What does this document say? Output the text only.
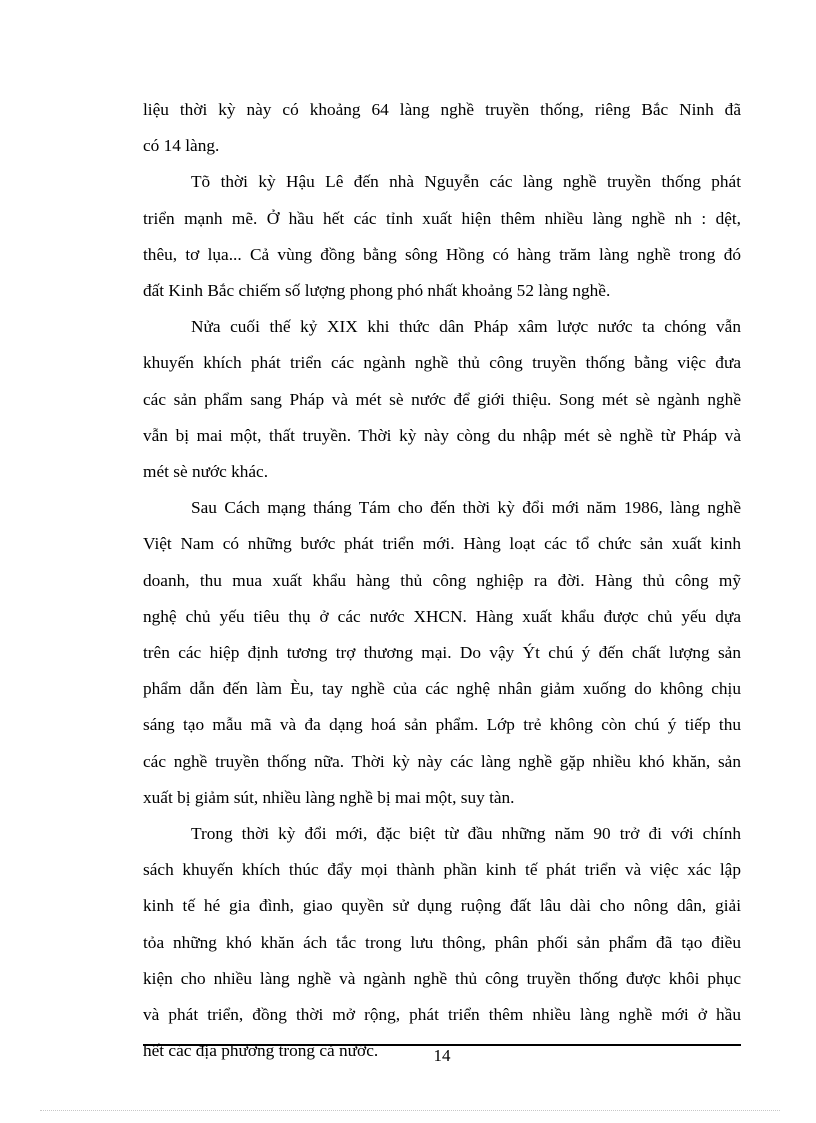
liệu thời kỳ này có khoảng 64 làng nghề truyền thống, riêng Bắc Ninh đã
có 14 làng.
Tõ thời kỳ Hậu Lê đến nhà Nguyễn các làng nghề truyền thống phát
triển mạnh mẽ. Ở hầu hết các tỉnh xuất hiện thêm nhiều làng nghề nh : dệt,
thêu, tơ lụa... Cả vùng đồng bằng sông Hồng có hàng trăm làng nghề trong đó
đất Kinh Bắc chiếm số lượng phong phó nhất khoảng 52 làng nghề.
Nửa cuối thế kỷ XIX khi thức dân Pháp xâm lược nước ta chóng vẫn
khuyến khích phát triển các ngành nghề thủ công truyền thống bằng việc đưa
các sản phẩm sang Pháp và mét sè nước để giới thiệu. Song mét sè ngành nghề
vẫn bị mai một, thất truyền. Thời kỳ này còng du nhập mét sè nghề từ Pháp và
mét sè nước khác.
Sau Cách mạng tháng Tám cho đến thời kỳ đổi mới năm 1986, làng nghề
Việt Nam có những bước phát triển mới. Hàng loạt các tổ chức sản xuất kinh
doanh, thu mua xuất khẩu hàng thủ công nghiệp ra đời. Hàng thủ công mỹ
nghệ chủ yếu tiêu thụ ở các nước XHCN. Hàng xuất khẩu được chủ yếu dựa
trên các hiệp định tương trợ thương mại. Do vậy Ýt chú ý đến chất lượng sản
phẩm dẫn đến làm Èu, tay nghề của các nghệ nhân giảm xuống do không chịu
sáng tạo mẫu mã và đa dạng hoá sản phẩm. Lớp trẻ không còn chú ý tiếp thu
các nghề truyền thống nữa. Thời kỳ này các làng nghề gặp nhiều khó khăn, sản
xuất bị giảm sút, nhiều làng nghề bị mai một, suy tàn.
Trong thời kỳ đổi mới, đặc biệt từ đầu những năm 90 trở đi với chính
sách khuyến khích thúc đẩy mọi thành phần kinh tế phát triển và việc xác lập
kinh tế hé gia đình, giao quyền sử dụng ruộng đất lâu dài cho nông dân, giải
tỏa những khó khăn ách tắc trong lưu thông, phân phối sản phẩm đã tạo điều
kiện cho nhiều làng nghề và ngành nghề thủ công truyền thống được khôi phục
và phát triển, đồng thời mở rộng, phát triển thêm nhiều làng nghề mới ở hầu
hết các địa phương trong cả nước.	14
